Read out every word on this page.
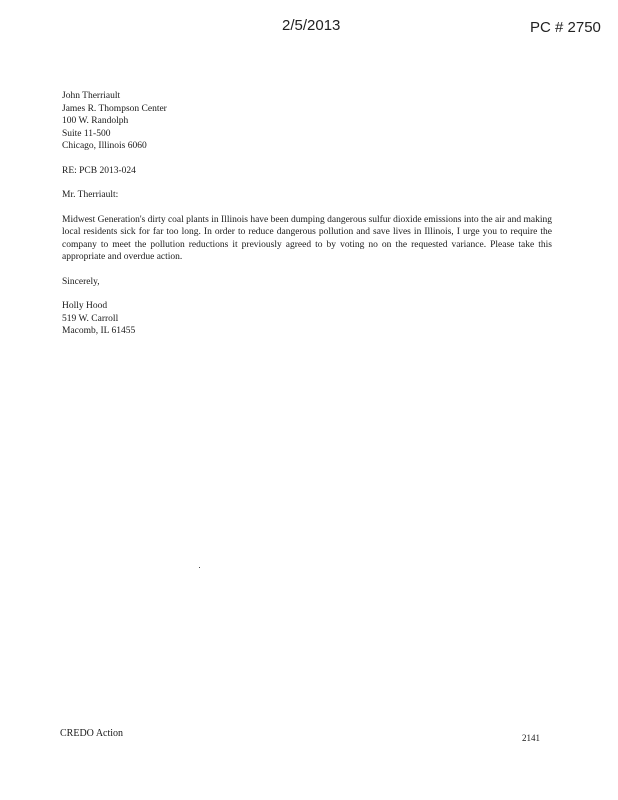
2/5/2013	PC # 2750
John Therriault
James R. Thompson Center
100 W. Randolph
Suite 11-500
Chicago, Illinois 6060
RE: PCB 2013-024
Mr. Therriault:
Midwest Generation's dirty coal plants in Illinois have been dumping dangerous sulfur dioxide emissions into the air and making local residents sick for far too long. In order to reduce dangerous pollution and save lives in Illinois, I urge you to require the company to meet the pollution reductions it previously agreed to by voting no on the requested variance. Please take this appropriate and overdue action.
Sincerely,
Holly Hood
519 W. Carroll
Macomb, IL 61455
CREDO Action	2141
